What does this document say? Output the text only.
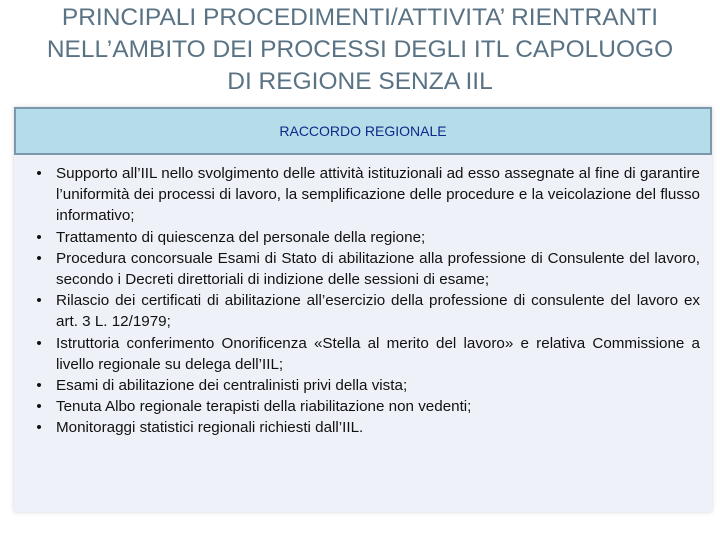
PRINCIPALI PROCEDIMENTI/ATTIVITA’ RIENTRANTI
NELL’AMBITO DEI PROCESSI DEGLI ITL CAPOLUOGO
DI REGIONE SENZA IIL
RACCORDO REGIONALE
• Supporto all’IIL nello svolgimento delle attività istituzionali ad esso assegnate al fine di garantire l’uniformità dei processi di lavoro, la semplificazione delle procedure e la veicolazione del flusso informativo;
• Trattamento di quiescenza del personale della regione;
• Procedura concorsuale Esami di Stato di abilitazione alla professione di Consulente del lavoro, secondo i Decreti direttoriali di indizione delle sessioni di esame;
• Rilascio dei certificati di abilitazione all’esercizio della professione di consulente del lavoro ex art. 3 L. 12/1979;
• Istruttoria conferimento Onorificenza «Stella al merito del lavoro» e relativa Commissione a livello regionale su delega dell’IIL;
• Esami di abilitazione dei centralinisti privi della vista;
• Tenuta Albo regionale terapisti della riabilitazione non vedenti;
• Monitoraggi statistici regionali richiesti dall’IIL.
